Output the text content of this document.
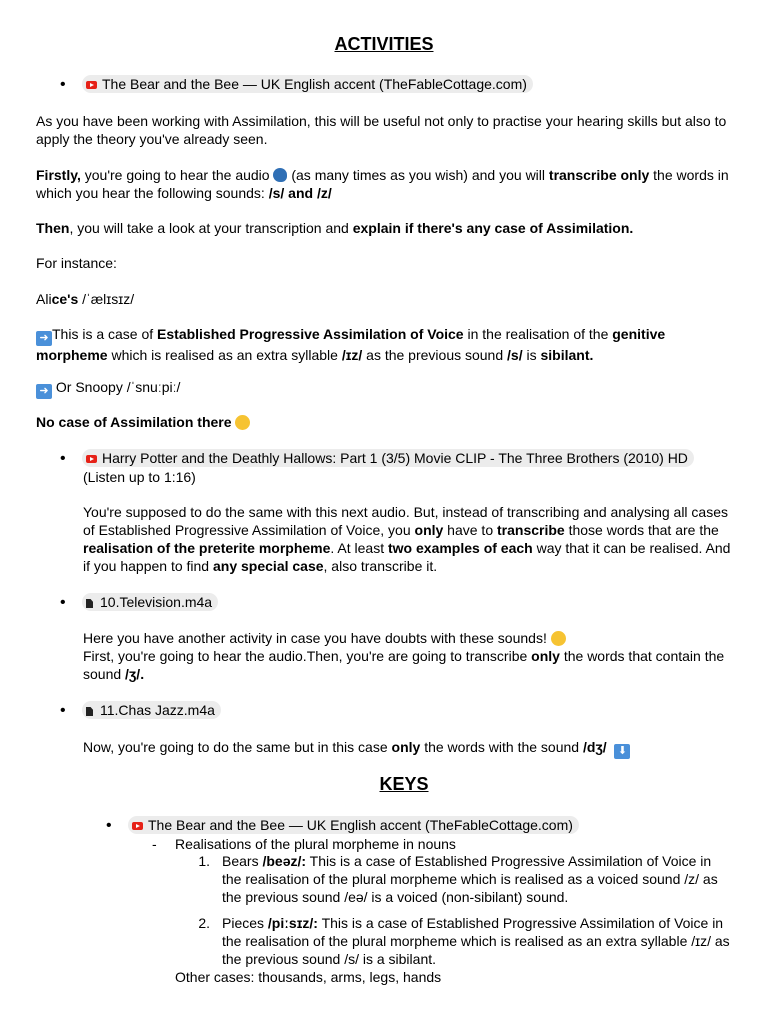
ACTIVITIES
•
The Bear and the Bee — UK English accent (TheFableCottage.com)
As you have been working with Assimilation, this will be useful not only to practise your hearing skills but also to apply the theory you've already seen.
Firstly, you're going to hear the audio  (as many times as you wish) and you will transcribe only the words in which you hear the following sounds: /s/ and /z/
Then, you will take a look at your transcription and explain if there's any case of Assimilation.
For instance:
Alice's /ˈælɪsɪz/
➜ This is a case of Established Progressive Assimilation of Voice in the realisation of the genitive morpheme which is realised as an extra syllable /ɪz/ as the previous sound /s/ is sibilant.
➜ Or Snoopy /ˈsnuːpiː/
No case of Assimilation there
•
Harry Potter and the Deathly Hallows: Part 1 (3/5) Movie CLIP - The Three Brothers (2010) HD
(Listen up to 1:16)
You're supposed to do the same with this next audio. But, instead of transcribing and analysing all cases of Established Progressive Assimilation of Voice, you only have to transcribe those words that are the realisation of the preterite morpheme. At least two examples of each way that it can be realised. And if you happen to find any special case, also transcribe it.
•
10.Television.m4a
Here you have another activity in case you have doubts with these sounds!
First, you're going to hear the audio.Then, you're are going to transcribe only the words that contain the sound /ʒ/.
•
11.Chas Jazz.m4a
Now, you're going to do the same but in this case only the words with the sound /dʒ/ ⬇
KEYS
•
The Bear and the Bee — UK English accent (TheFableCottage.com)
- Realisations of the plural morpheme in nouns
1. Bears /beəz/: This is a case of Established Progressive Assimilation of Voice in the realisation of the plural morpheme which is realised as a voiced sound /z/ as the previous sound /eə/ is a voiced (non-sibilant) sound.
2. Pieces /piːsɪz/: This is a case of Established Progressive Assimilation of Voice in the realisation of the plural morpheme which is realised as an extra syllable /ɪz/ as the previous sound /s/ is a sibilant.
Other cases: thousands, arms, legs, hands
